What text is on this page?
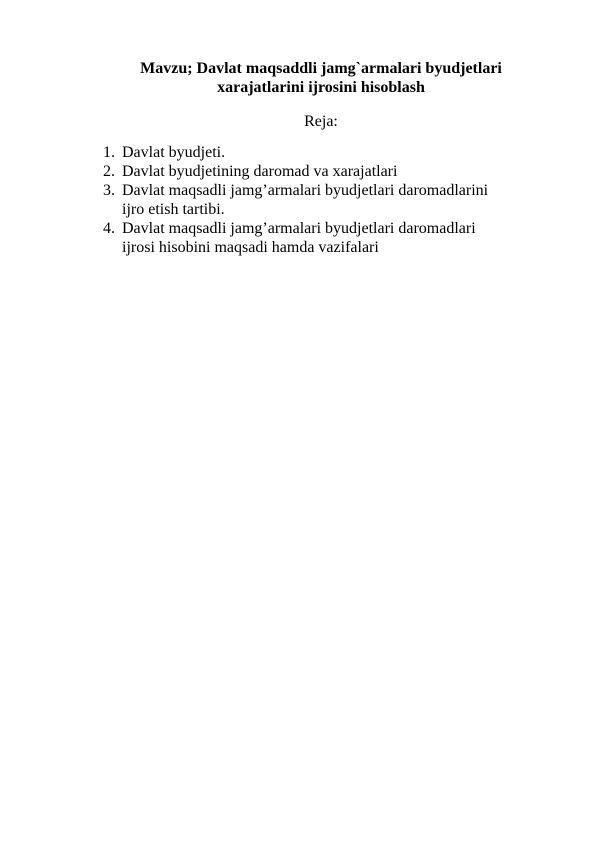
Mavzu; Davlat maqsaddli jamg`armalari byudjetlari
xarajatlarini ijrosini hisoblash
Reja:
1. Davlat byudjeti.
2. Davlat byudjetining daromad va xarajatlari
3. Davlat maqsadli jamg’armalari byudjetlari daromadlarini
ijro etish tartibi.
4. Davlat maqsadli jamg’armalari byudjetlari daromadlari
ijrosi hisobini maqsadi hamda vazifalari
